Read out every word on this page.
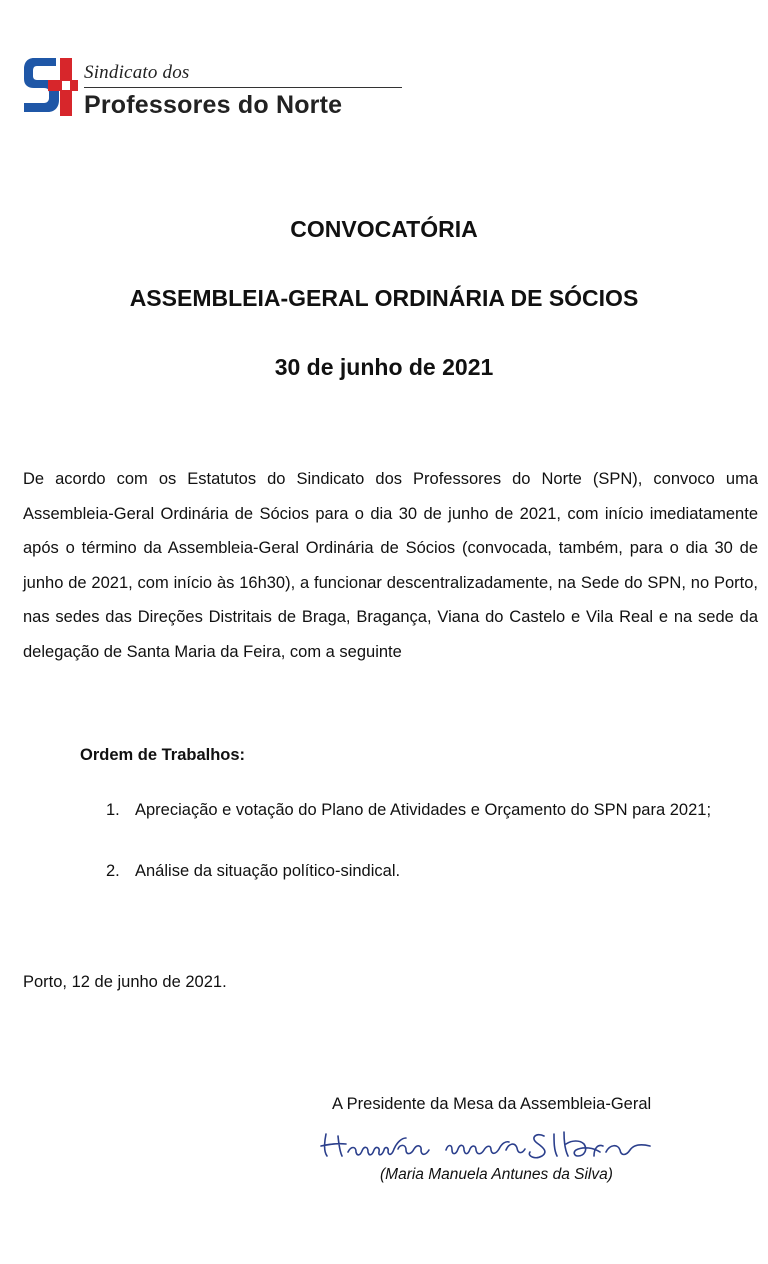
Sindicato dos
Professores do Norte
CONVOCATÓRIA
ASSEMBLEIA-GERAL ORDINÁRIA DE SÓCIOS
30 de junho de 2021
De acordo com os Estatutos do Sindicato dos Professores do Norte (SPN), convoco uma Assembleia-Geral Ordinária de Sócios para o dia 30 de junho de 2021, com início imediatamente após o término da Assembleia-Geral Ordinária de Sócios (convocada, também, para o dia 30 de junho de 2021, com início às 16h30), a funcionar descentralizadamente, na Sede do SPN, no Porto, nas sedes das Direções Distritais de Braga, Bragança, Viana do Castelo e Vila Real e na sede da delegação de Santa Maria da Feira, com a seguinte
Ordem de Trabalhos:
1. Apreciação e votação do Plano de Atividades e Orçamento do SPN para 2021;
2. Análise da situação político-sindical.
Porto, 12 de junho de 2021.
A Presidente da Mesa da Assembleia-Geral
(Maria Manuela Antunes da Silva)
